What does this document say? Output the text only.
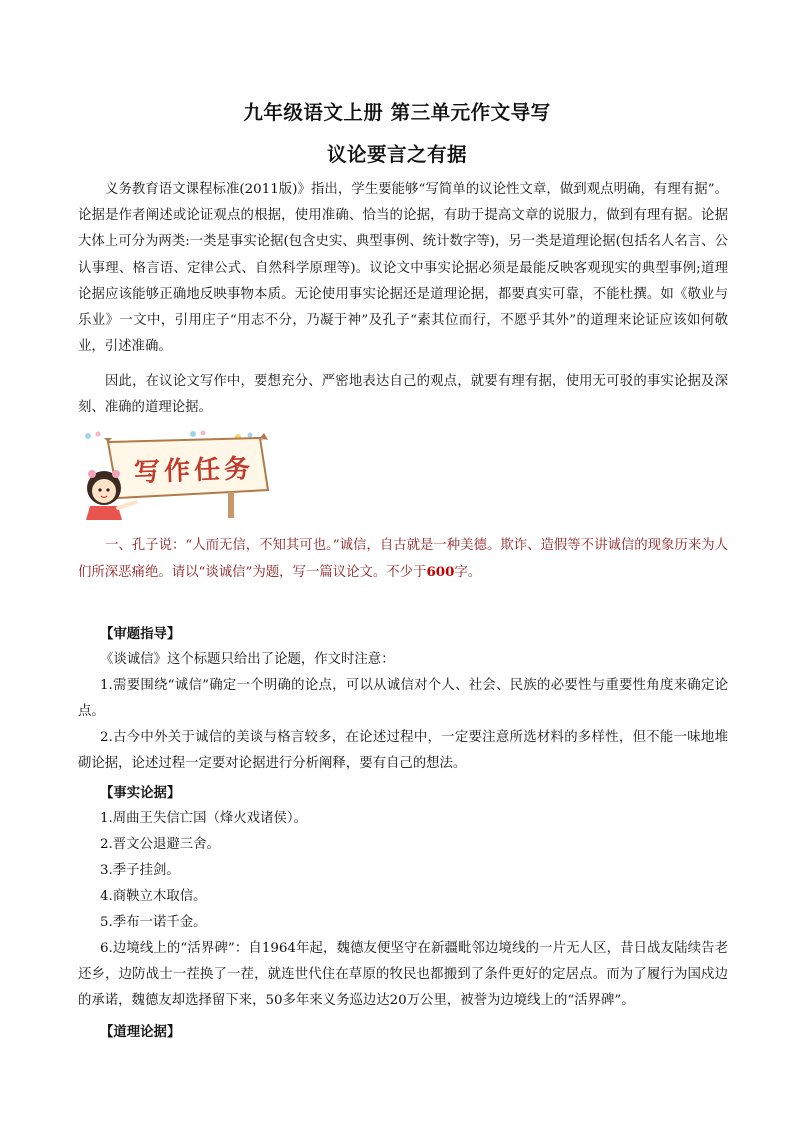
九年级语文上册 第三单元作文导写
议论要言之有据

义务教育语文课程标准(2011版)》指出，学生要能够“写简单的议论性文章，做到观点明确，有理有据”。论据是作者阐述或论证观点的根据，使用准确、恰当的论据，有助于提高文章的说服力，做到有理有据。论据大体上可分为两类:一类是事实论据(包含史实、典型事例、统计数字等)，另一类是道理论据(包括名人名言、公认事理、格言语、定律公式、自然科学原理等)。议论文中事实论据必须是最能反映客观现实的典型事例;道理论据应该能够正确地反映事物本质。无论使用事实论据还是道理论据，都要真实可靠，不能杜撰。如《敬业与乐业》一文中，引用庄子“用志不分，乃凝于神”及孔子“素其位而行，不愿乎其外”的道理来论证应该如何敬业，引述准确。

因此，在议论文写作中，要想充分、严密地表达自己的观点，就要有理有据，使用无可驳的事实论据及深刻、准确的道理论据。

写作任务

一、孔子说：“人而无信，不知其可也。”诚信，自古就是一种美德。欺诈、造假等不讲诚信的现象历来为人们所深恶痛绝。请以“谈诚信”为题，写一篇议论文。不少于600字。

【审题指导】

《谈诚信》这个标题只给出了论题，作文时注意：

1.需要围绕“诚信”确定一个明确的论点，可以从诚信对个人、社会、民族的必要性与重要性角度来确定论点。

2.古今中外关于诚信的美谈与格言较多，在论述过程中，一定要注意所选材料的多样性，但不能一味地堆砌论据，论述过程一定要对论据进行分析阐释，要有自己的想法。

【事实论据】

1.周曲王失信亡国（烽火戏诸侯）。

2.晋文公退避三舍。

3.季子挂剑。

4.商鞅立木取信。

5.季布一诺千金。

6.边境线上的“活界碑”：自1964年起，魏德友便坚守在新疆毗邻边境线的一片无人区，昔日战友陆续告老还乡，边防战士一茬换了一茬，就连世代住在草原的牧民也都搬到了条件更好的定居点。而为了履行为国戍边的承诺，魏德友却选择留下来，50多年来义务巡边达20万公里，被誉为边境线上的“活界碑”。

【道理论据】
